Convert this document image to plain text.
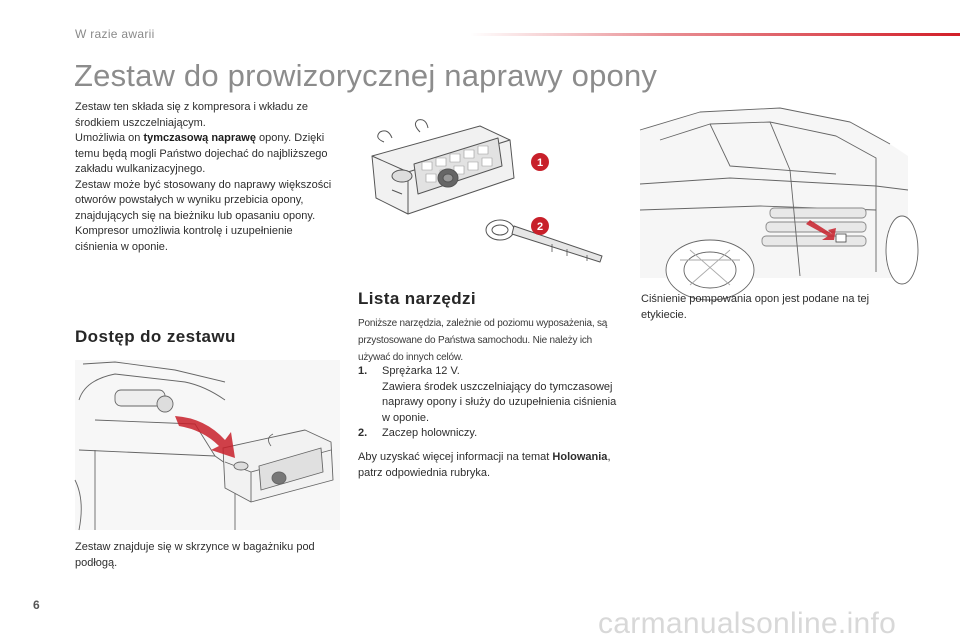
W razie awarii
Zestaw do prowizorycznej naprawy opony
Zestaw ten składa się z kompresora i wkładu ze środkiem uszczelniającym.
Umożliwia on tymczasową naprawę opony. Dzięki temu będą mogli Państwo dojechać do najbliższego zakładu wulkanizacyjnego.
Zestaw może być stosowany do naprawy większości otworów powstałych w wyniku przebicia opony, znajdujących się na bieżniku lub opasaniu opony.
Kompresor umożliwia kontrolę i uzupełnienie ciśnienia w oponie.
1
2
Lista narzędzi
Poniższe narzędzia, zależnie od poziomu wyposażenia, są przystosowane do Państwa samochodu. Nie należy ich używać do innych celów.
1. Sprężarka 12 V.
Zawiera środek uszczelniający do tymczasowej naprawy opony i służy do uzupełnienia ciśnienia w oponie.
2. Zaczep holowniczy.
Aby uzyskać więcej informacji na temat Holowania, patrz odpowiednia rubryka.
Ciśnienie pompowania opon jest podane na tej etykiecie.
Dostęp do zestawu
Zestaw znajduje się w skrzynce w bagażniku pod podłogą.
6
carmanualsonline.info
